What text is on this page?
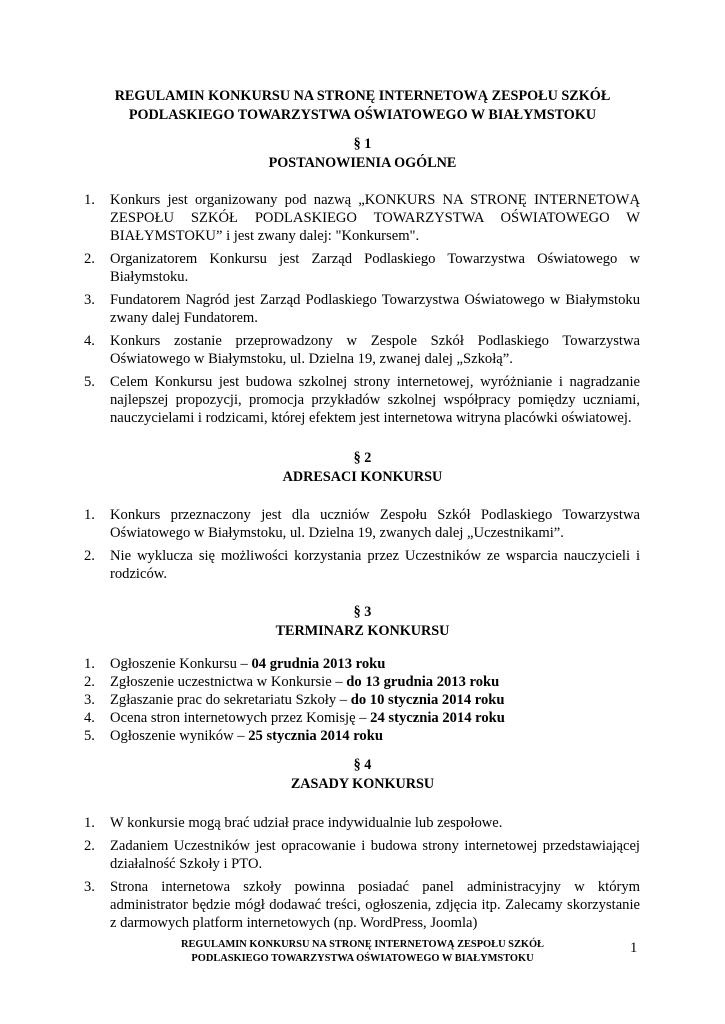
REGULAMIN KONKURSU NA STRONĘ INTERNETOWĄ ZESPOŁU SZKÓŁ
PODLASKIEGO TOWARZYSTWA OŚWIATOWEGO W BIAŁYMSTOKU
§ 1
POSTANOWIENIA OGÓLNE
1. Konkurs jest organizowany pod nazwą „KONKURS NA STRONĘ INTERNETOWĄ ZESPOŁU SZKÓŁ PODLASKIEGO TOWARZYSTWA OŚWIATOWEGO W BIAŁYMSTOKU” i jest zwany dalej: "Konkursem".
2. Organizatorem Konkursu jest Zarząd Podlaskiego Towarzystwa Oświatowego w Białymstoku.
3. Fundatorem Nagród jest Zarząd Podlaskiego Towarzystwa Oświatowego w Białymstoku zwany dalej Fundatorem.
4. Konkurs zostanie przeprowadzony w Zespole Szkół Podlaskiego Towarzystwa Oświatowego w Białymstoku, ul. Dzielna 19, zwanej dalej „Szkołą”.
5. Celem Konkursu jest budowa szkolnej strony internetowej, wyróżnianie i nagradzanie najlepszej propozycji, promocja przykładów szkolnej współpracy pomiędzy uczniami, nauczycielami i rodzicami, której efektem jest internetowa witryna placówki oświatowej.
§ 2
ADRESACI KONKURSU
1. Konkurs przeznaczony jest dla uczniów Zespołu Szkół Podlaskiego Towarzystwa Oświatowego w Białymstoku, ul. Dzielna 19, zwanych dalej „Uczestnikami”.
2. Nie wyklucza się możliwości korzystania przez Uczestników ze wsparcia nauczycieli i rodziców.
§ 3
TERMINARZ KONKURSU
1. Ogłoszenie Konkursu – 04 grudnia 2013 roku
2. Zgłoszenie uczestnictwa w Konkursie – do 13 grudnia 2013 roku
3. Zgłaszanie prac do sekretariatu Szkoły – do 10 stycznia 2014 roku
4. Ocena stron internetowych przez Komisję – 24 stycznia 2014 roku
5. Ogłoszenie wyników – 25 stycznia 2014 roku
§ 4
ZASADY KONKURSU
1. W konkursie mogą brać udział prace indywidualnie lub zespołowe.
2. Zadaniem Uczestników jest opracowanie i budowa strony internetowej przedstawiającej działalność Szkoły i PTO.
3. Strona internetowa szkoły powinna posiadać panel administracyjny w którym administrator będzie mógł dodawać treści, ogłoszenia, zdjęcia itp. Zalecamy skorzystanie z darmowych platform internetowych (np. WordPress, Joomla)
REGULAMIN KONKURSU NA STRONĘ INTERNETOWĄ ZESPOŁU SZKÓŁ
PODLASKIEGO TOWARZYSTWA OŚWIATOWEGO W BIAŁYMSTOKU
1
